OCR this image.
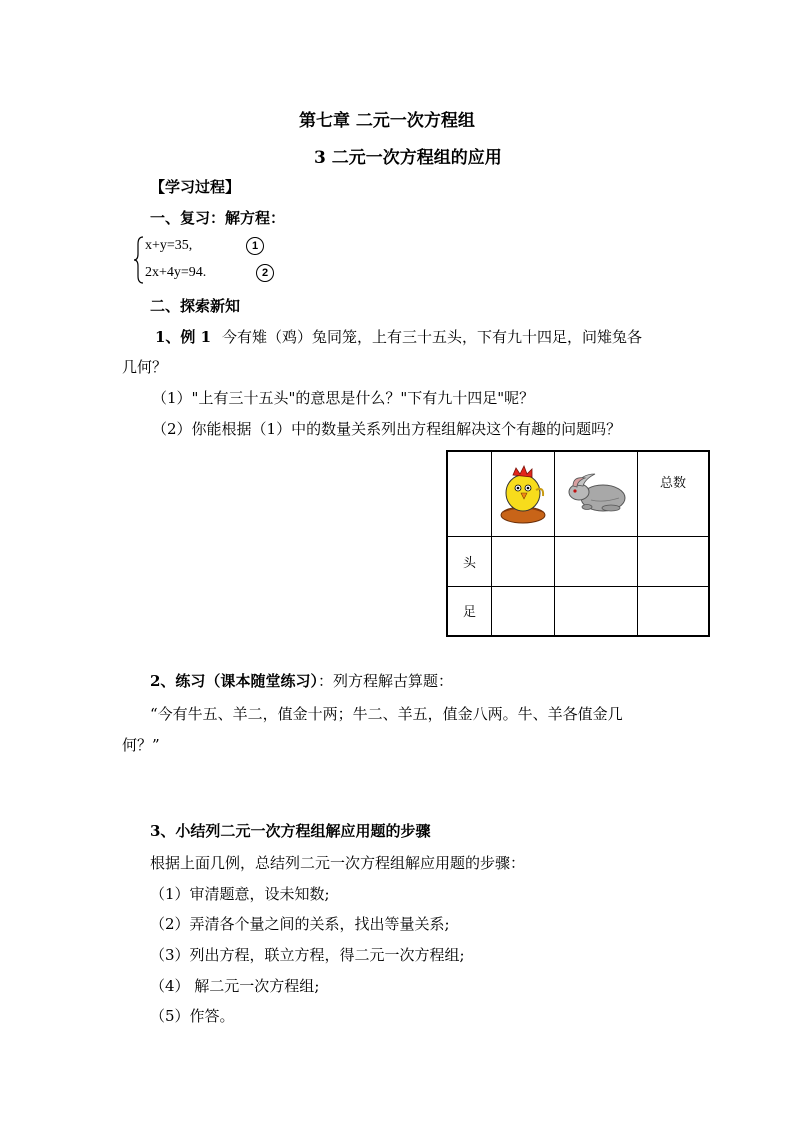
第七章 二元一次方程组
3 二元一次方程组的应用
【学习过程】
一、复习：解方程：
x+y=35,	1
2x+4y=94.	2
二、探索新知
1、例 1 今有雉（鸡）兔同笼，上有三十五头，下有九十四足，问雉兔各
几何？
（1）"上有三十五头"的意思是什么？"下有九十四足"呢？
（2）你能根据（1）中的数量关系列出方程组解决这个有趣的问题吗？
			总数
头			
足			
2、练习（课本随堂练习）：列方程解古算题：
“今有牛五、羊二，值金十两；牛二、羊五，值金八两。牛、羊各值金几
何？”
3、小结列二元一次方程组解应用题的步骤
根据上面几例，总结列二元一次方程组解应用题的步骤：
（1）审清题意，设未知数;
（2）弄清各个量之间的关系，找出等量关系;
（3）列出方程，联立方程，得二元一次方程组;
（4） 解二元一次方程组;
（5）作答。
